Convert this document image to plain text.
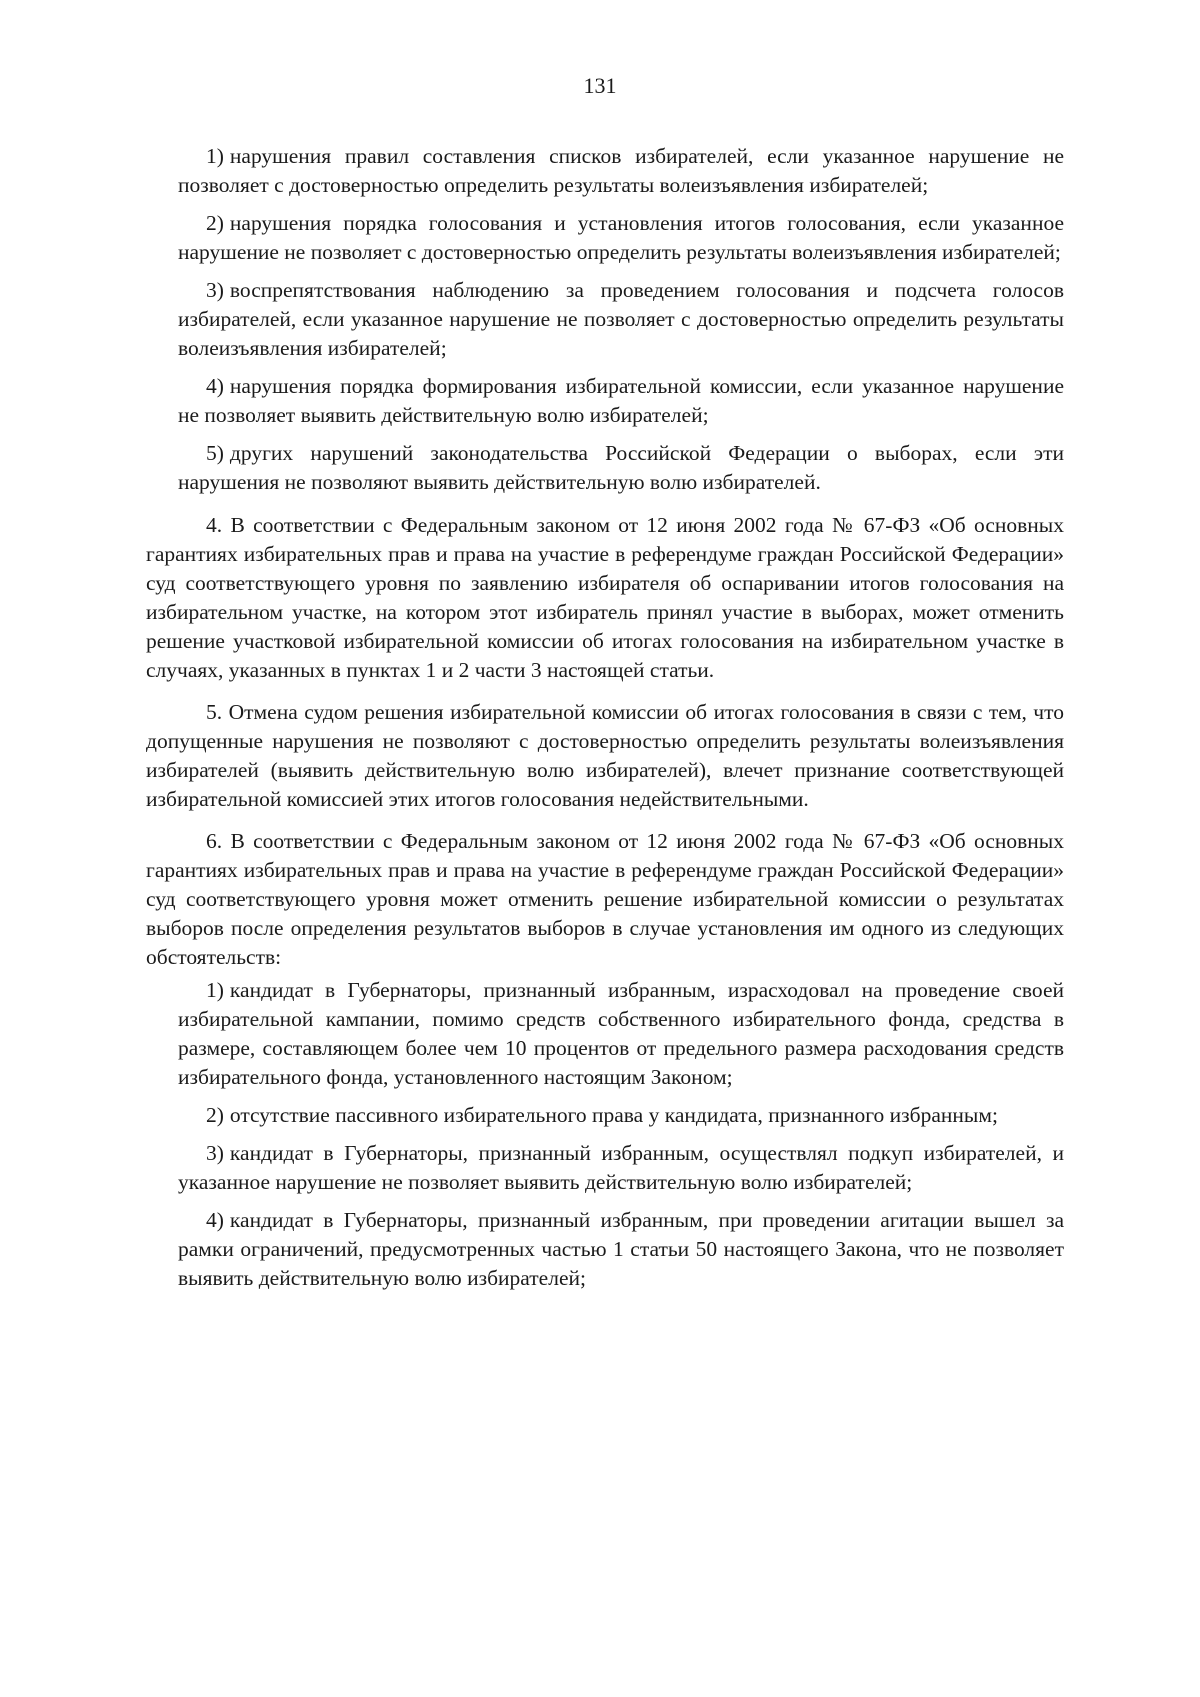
131

1) нарушения правил составления списков избирателей, если указанное нарушение не позволяет с достоверностью определить результаты волеизъявления избирателей;

2) нарушения порядка голосования и установления итогов голосования, если указанное нарушение не позволяет с достоверностью определить результаты волеизъявления избирателей;

3) воспрепятствования наблюдению за проведением голосования и подсчета голосов избирателей, если указанное нарушение не позволяет с достоверностью определить результаты волеизъявления избирателей;

4) нарушения порядка формирования избирательной комиссии, если указанное нарушение не позволяет выявить действительную волю избирателей;

5) других нарушений законодательства Российской Федерации о выборах, если эти нарушения не позволяют выявить действительную волю избирателей.

4. В соответствии с Федеральным законом от 12 июня 2002 года № 67-ФЗ «Об основных гарантиях избирательных прав и права на участие в референдуме граждан Российской Федерации» суд соответствующего уровня по заявлению избирателя об оспаривании итогов голосования на избирательном участке, на котором этот избиратель принял участие в выборах, может отменить решение участковой избирательной комиссии об итогах голосования на избирательном участке в случаях, указанных в пунктах 1 и 2 части 3 настоящей статьи.

5. Отмена судом решения избирательной комиссии об итогах голосования в связи с тем, что допущенные нарушения не позволяют с достоверностью определить результаты волеизъявления избирателей (выявить действительную волю избирателей), влечет признание соответствующей избирательной комиссией этих итогов голосования недействительными.

6. В соответствии с Федеральным законом от 12 июня 2002 года № 67-ФЗ «Об основных гарантиях избирательных прав и права на участие в референдуме граждан Российской Федерации» суд соответствующего уровня может отменить решение избирательной комиссии о результатах выборов после определения результатов выборов в случае установления им одного из следующих обстоятельств:

1) кандидат в Губернаторы, признанный избранным, израсходовал на проведение своей избирательной кампании, помимо средств собственного избирательного фонда, средства в размере, составляющем более чем 10 процентов от предельного размера расходования средств избирательного фонда, установленного настоящим Законом;

2) отсутствие пассивного избирательного права у кандидата, признанного избранным;

3) кандидат в Губернаторы, признанный избранным, осуществлял подкуп избирателей, и указанное нарушение не позволяет выявить действительную волю избирателей;

4) кандидат в Губернаторы, признанный избранным, при проведении агитации вышел за рамки ограничений, предусмотренных частью 1 статьи 50 настоящего Закона, что не позволяет выявить действительную волю избирателей;
